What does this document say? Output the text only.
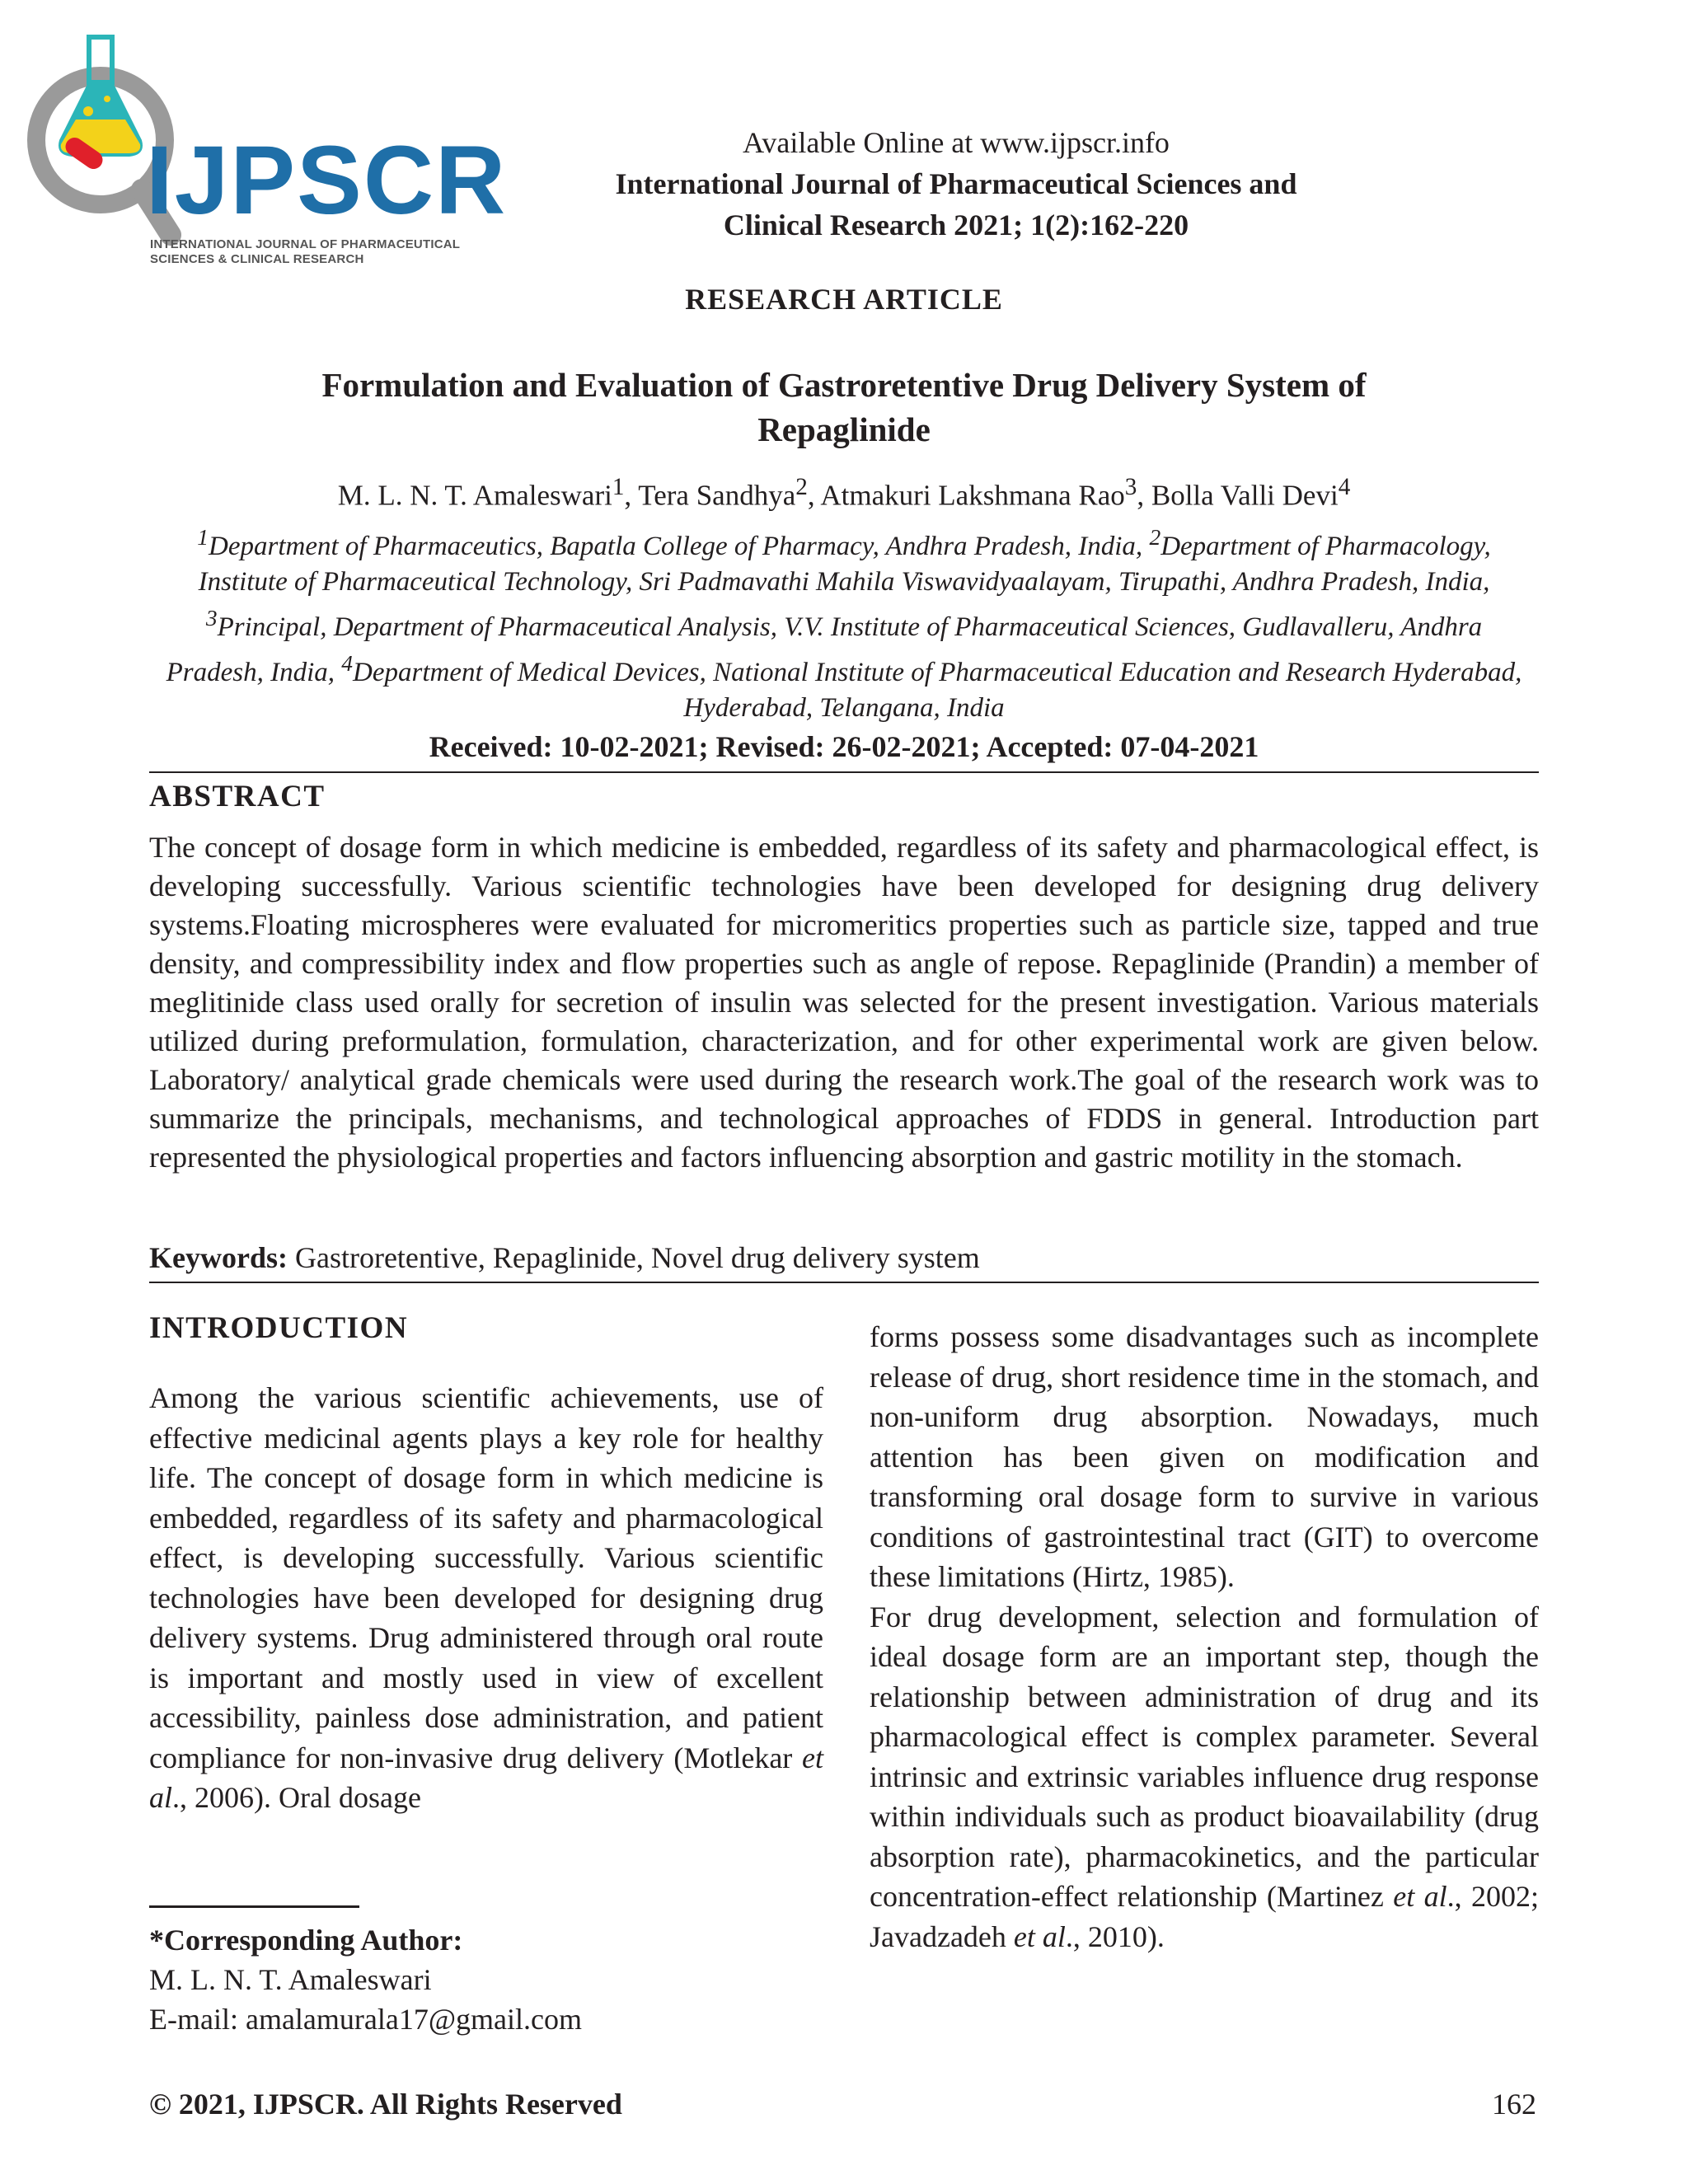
IJPSCR
INTERNATIONAL JOURNAL OF PHARMACEUTICAL SCIENCES & CLINICAL RESEARCH
Available Online at www.ijpscr.info
International Journal of Pharmaceutical Sciences and
Clinical Research 2021; 1(2):162-220
RESEARCH ARTICLE
Formulation and Evaluation of Gastroretentive Drug Delivery System of
Repaglinide
M. L. N. T. Amaleswari$^1$, Tera Sandhya$^2$, Atmakuri Lakshmana Rao$^3$, Bolla Valli Devi$^4$
$^1$Department of Pharmaceutics, Bapatla College of Pharmacy, Andhra Pradesh, India, $^2$Department of Pharmacology, Institute of Pharmaceutical Technology, Sri Padmavathi Mahila Viswavidyaalayam, Tirupathi, Andhra Pradesh, India, $^3$Principal, Department of Pharmaceutical Analysis, V.V. Institute of Pharmaceutical Sciences, Gudlavalleru, Andhra Pradesh, India, $^4$Department of Medical Devices, National Institute of Pharmaceutical Education and Research Hyderabad, Hyderabad, Telangana, India
Received: 10-02-2021; Revised: 26-02-2021; Accepted: 07-04-2021
ABSTRACT
The concept of dosage form in which medicine is embedded, regardless of its safety and pharmacological effect, is developing successfully. Various scientific technologies have been developed for designing drug delivery systems.Floating microspheres were evaluated for micromeritics properties such as particle size, tapped and true density, and compressibility index and flow properties such as angle of repose. Repaglinide (Prandin) a member of meglitinide class used orally for secretion of insulin was selected for the present investigation. Various materials utilized during preformulation, formulation, characterization, and for other experimental work are given below. Laboratory/ analytical grade chemicals were used during the research work.The goal of the research work was to summarize the principals, mechanisms, and technological approaches of FDDS in general. Introduction part represented the physiological properties and factors influencing absorption and gastric motility in the stomach.
Keywords: Gastroretentive, Repaglinide, Novel drug delivery system
INTRODUCTION

Among the various scientific achievements, use of effective medicinal agents plays a key role for healthy life. The concept of dosage form in which medicine is embedded, regardless of its safety and pharmacological effect, is developing successfully. Various scientific technologies have been developed for designing drug delivery systems. Drug administered through oral route is important and mostly used in view of excellent accessibility, painless dose administration, and patient compliance for non-invasive drug delivery (Motlekar et al., 2006). Oral dosage

forms possess some disadvantages such as incomplete release of drug, short residence time in the stomach, and non-uniform drug absorption. Nowadays, much attention has been given on modification and transforming oral dosage form to survive in various conditions of gastrointestinal tract (GIT) to overcome these limitations (Hirtz, 1985).

For drug development, selection and formulation of ideal dosage form are an important step, though the relationship between administration of drug and its pharmacological effect is complex parameter. Several intrinsic and extrinsic variables influence drug response within individuals such as product bioavailability (drug absorption rate), pharmacokinetics, and the particular concentration-effect relationship (Martinez et al., 2002; Javadzadeh et al., 2010).

*Corresponding Author:
M. L. N. T. Amaleswari
E-mail: amalamurala17@gmail.com
© 2021, IJPSCR. All Rights Reserved	162
